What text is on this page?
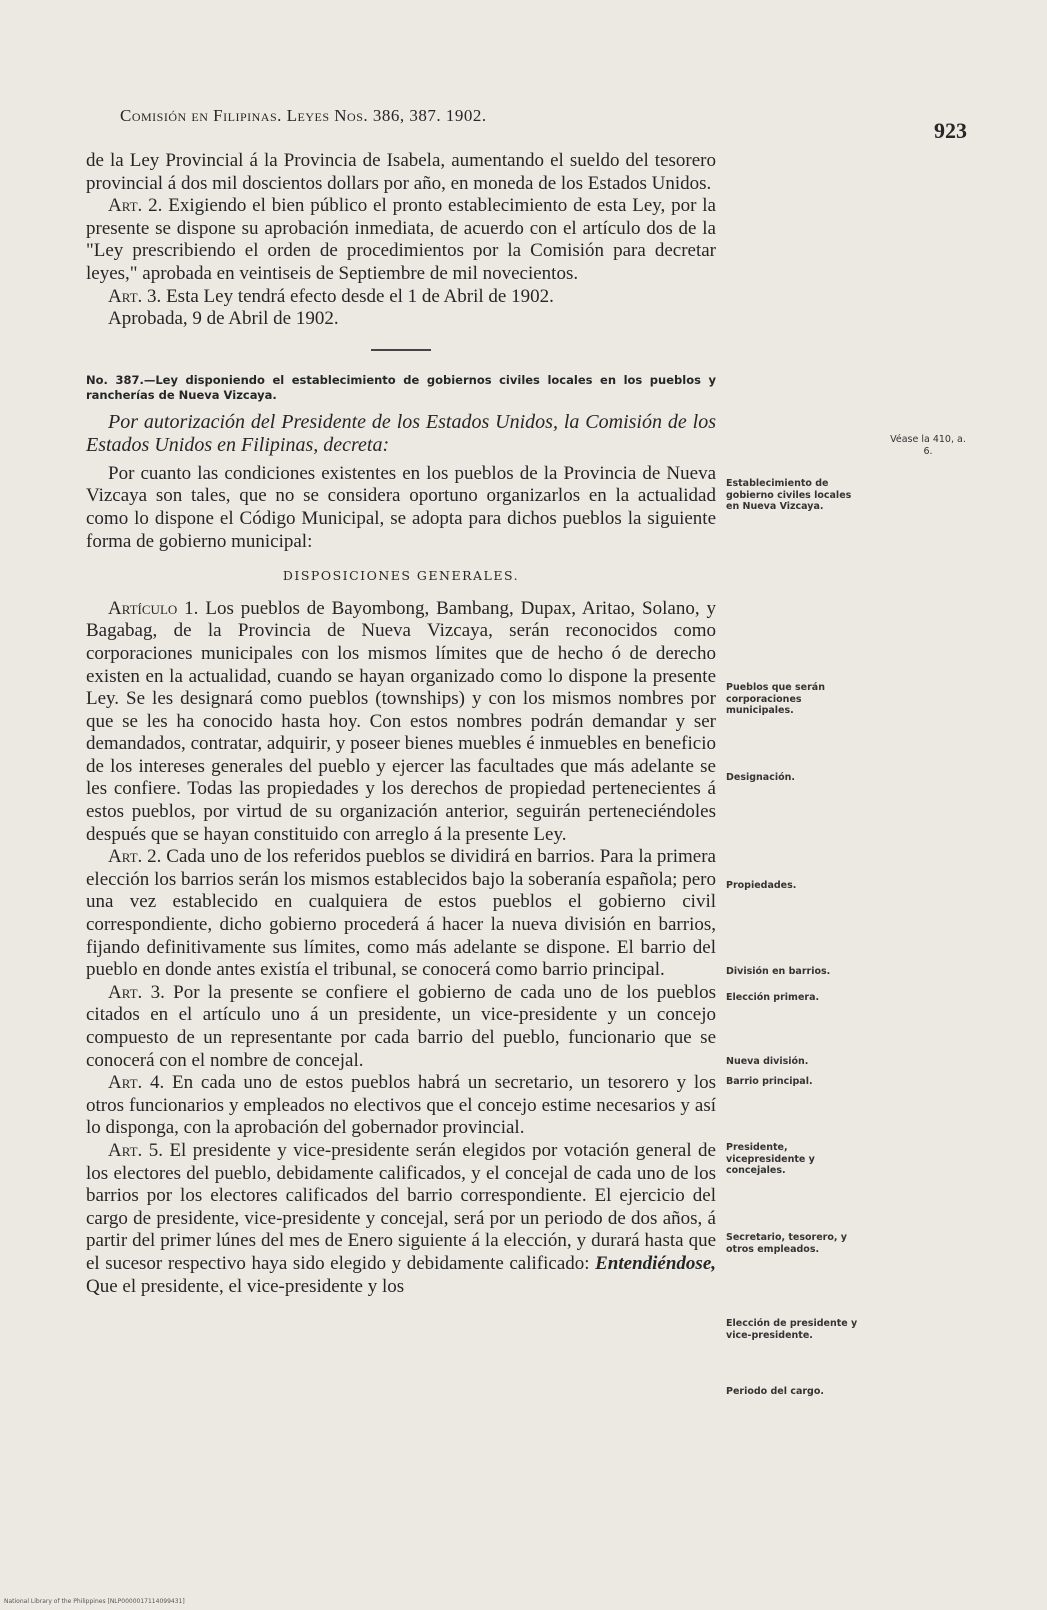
Comisión en Filipinas. Leyes Nos. 386, 387. 1902.
923

de la Ley Provincial á la Provincia de Isabela, aumentando el sueldo del tesorero provincial á dos mil doscientos dollars por año, en moneda de los Estados Unidos.

Art. 2. Exigiendo el bien público el pronto establecimiento de esta Ley, por la presente se dispone su aprobación inmediata, de acuerdo con el artículo dos de la "Ley prescribiendo el orden de procedimientos por la Comisión para decretar leyes," aprobada en veintiseis de Septiembre de mil novecientos.

Art. 3. Esta Ley tendrá efecto desde el 1 de Abril de 1902.

Aprobada, 9 de Abril de 1902.

No. 387.—Ley disponiendo el establecimiento de gobiernos civiles locales en los pueblos y rancherías de Nueva Vizcaya.

Por autorización del Presidente de los Estados Unidos, la Comisión de los Estados Unidos en Filipinas, decreta:

Por cuanto las condiciones existentes en los pueblos de la Provincia de Nueva Vizcaya son tales, que no se considera oportuno organizarlos en la actualidad como lo dispone el Código Municipal, se adopta para dichos pueblos la siguiente forma de gobierno municipal:

DISPOSICIONES GENERALES.

Artículo 1. Los pueblos de Bayombong, Bambang, Dupax, Aritao, Solano, y Bagabag, de la Provincia de Nueva Vizcaya, serán reconocidos como corporaciones municipales con los mismos límites que de hecho ó de derecho existen en la actualidad, cuando se hayan organizado como lo dispone la presente Ley. Se les designará como pueblos (townships) y con los mismos nombres por que se les ha conocido hasta hoy. Con estos nombres podrán demandar y ser demandados, contratar, adquirir, y poseer bienes muebles é inmuebles en beneficio de los intereses generales del pueblo y ejercer las facultades que más adelante se les confiere. Todas las propiedades y los derechos de propiedad pertenecientes á estos pueblos, por virtud de su organización anterior, seguirán perteneciéndoles después que se hayan constituido con arreglo á la presente Ley.

Art. 2. Cada uno de los referidos pueblos se dividirá en barrios. Para la primera elección los barrios serán los mismos establecidos bajo la soberanía española; pero una vez establecido en cualquiera de estos pueblos el gobierno civil correspondiente, dicho gobierno procederá á hacer la nueva división en barrios, fijando definitivamente sus límites, como más adelante se dispone. El barrio del pueblo en donde antes existía el tribunal, se conocerá como barrio principal.

Art. 3. Por la presente se confiere el gobierno de cada uno de los pueblos citados en el artículo uno á un presidente, un vice-presidente y un concejo compuesto de un representante por cada barrio del pueblo, funcionario que se conocerá con el nombre de concejal.

Art. 4. En cada uno de estos pueblos habrá un secretario, un tesorero y los otros funcionarios y empleados no electivos que el concejo estime necesarios y así lo disponga, con la aprobación del gobernador provincial.

Art. 5. El presidente y vice-presidente serán elegidos por votación general de los electores del pueblo, debidamente calificados, y el concejal de cada uno de los barrios por los electores calificados del barrio correspondiente. El ejercicio del cargo de presidente, vice-presidente y concejal, será por un periodo de dos años, á partir del primer lúnes del mes de Enero siguiente á la elección, y durará hasta que el sucesor respectivo haya sido elegido y debidamente calificado: Entendiéndose, Que el presidente, el vice-presidente y los

Véase la 410, a. 6.
Establecimiento de gobierno civiles locales en Nueva Vizcaya.
Pueblos que serán corporaciones municipales.
Designación.
Propiedades.
División en barrios.
Elección primera.
Nueva división.
Barrio principal.
Presidente, vicepresidente y concejales.
Secretario, tesorero, y otros empleados.
Elección de presidente y vice-presidente.
Periodo del cargo.
National Library of the Philippines [NLP0000017114099431]
